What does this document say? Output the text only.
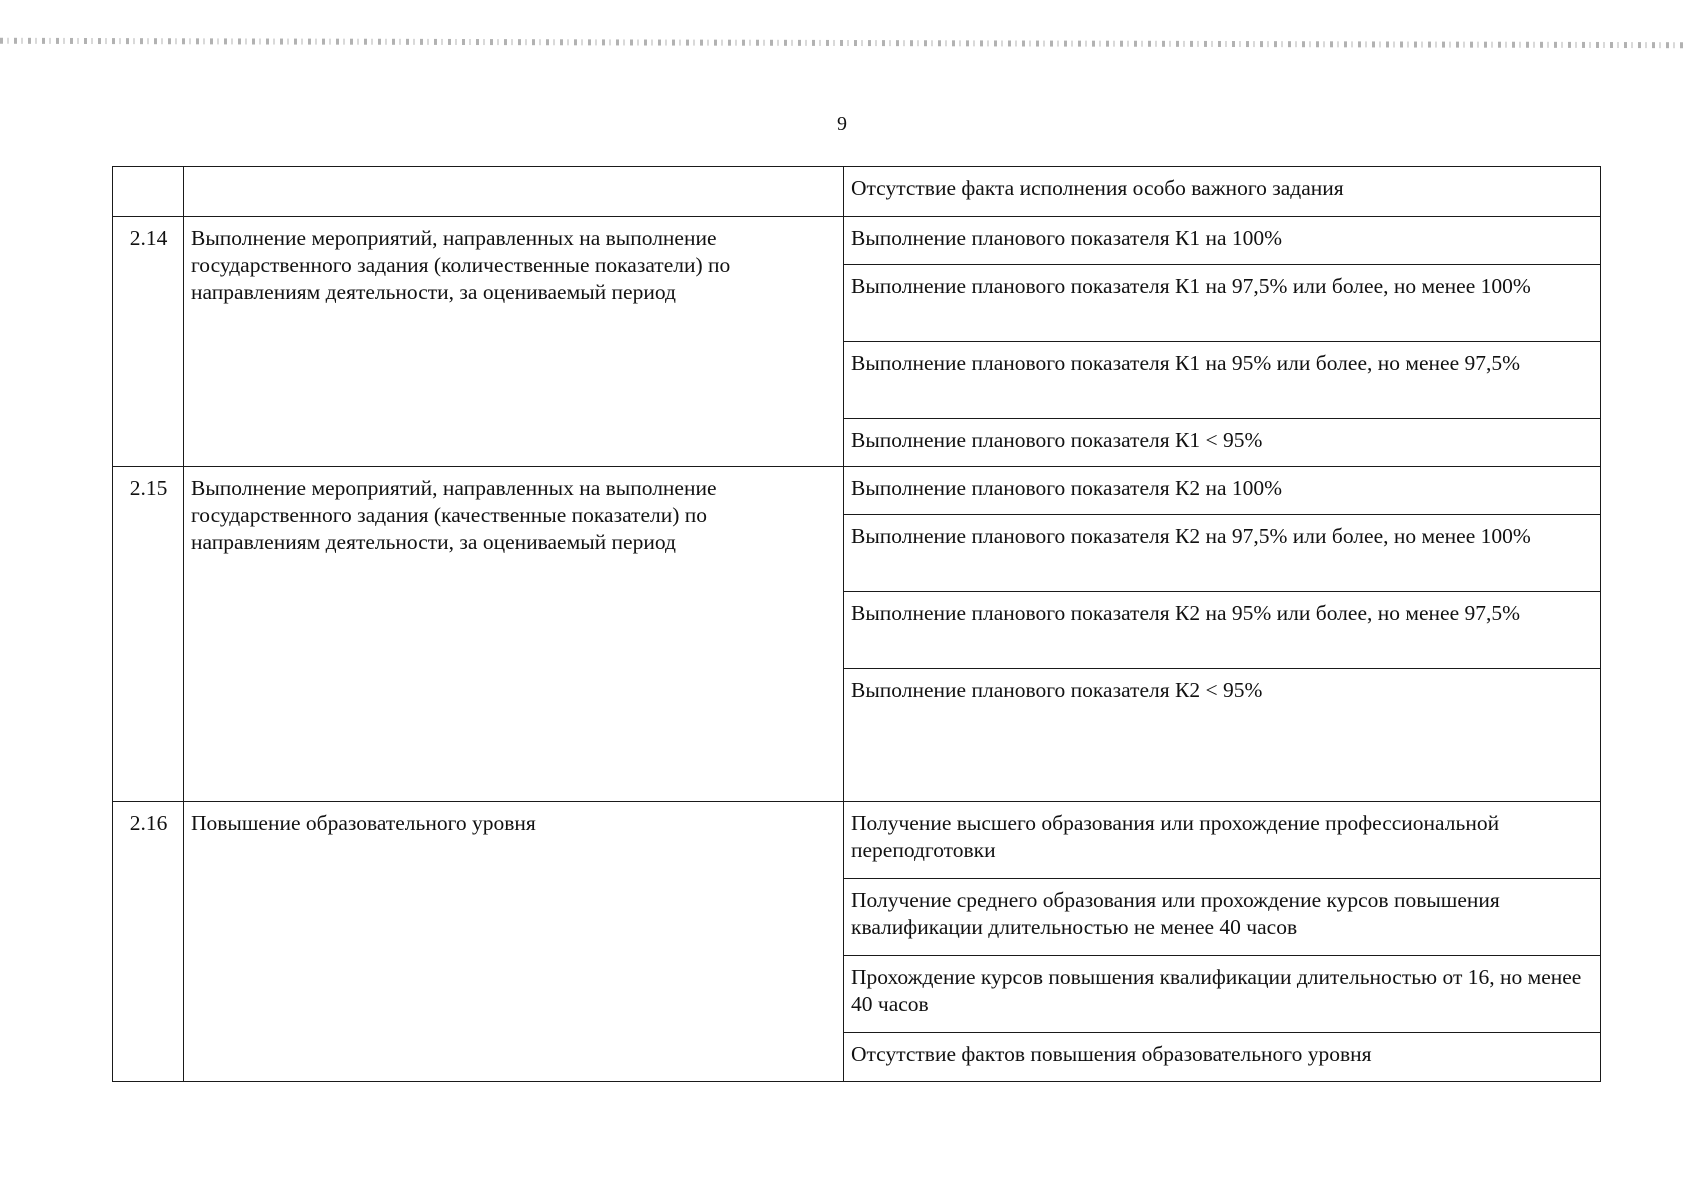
9
		Отсутствие факта исполнения особо важного задания
2.14	Выполнение мероприятий, направленных на выполнение государственного задания (количественные показатели) по направлениям деятельности, за оцениваемый период	Выполнение планового показателя К1 на 100%
		Выполнение планового показателя К1 на 97,5% или более, но менее 100%
		Выполнение планового показателя К1 на 95% или более, но менее 97,5%
		Выполнение планового показателя К1 < 95%
2.15	Выполнение мероприятий, направленных на выполнение государственного задания (качественные показатели) по направлениям деятельности, за оцениваемый период	Выполнение планового показателя К2 на 100%
		Выполнение планового показателя К2 на 97,5% или более, но менее 100%
		Выполнение планового показателя К2 на 95% или более, но менее 97,5%
		Выполнение планового показателя К2 < 95%
2.16	Повышение образовательного уровня	Получение высшего образования или прохождение профессиональной переподготовки
		Получение среднего образования или прохождение курсов повышения квалификации длительностью не менее 40 часов
		Прохождение курсов повышения квалификации длительностью от 16, но менее 40 часов
		Отсутствие фактов повышения образовательного уровня
